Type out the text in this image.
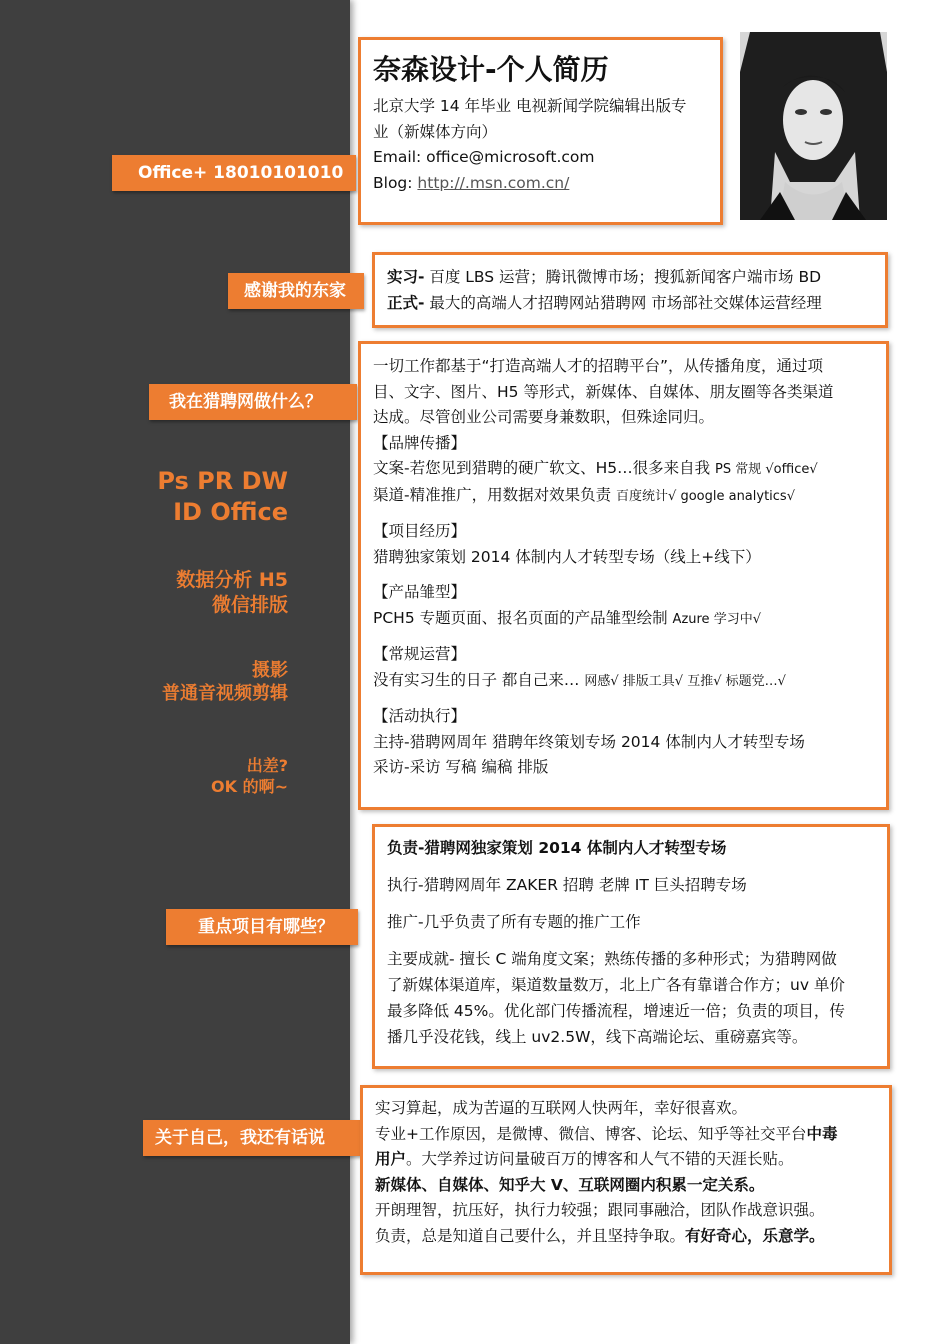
Office+ 18010101010
感谢我的东家
我在猎聘网做什么？
重点项目有哪些？
关于自己，我还有话说
Ps PR DW
ID Office
数据分析 H5
微信排版
摄影
普通音视频剪辑
出差?
OK 的啊~
奈森设计-个人简历

北京大学 14 年毕业 电视新闻学院编辑出版专

业（新媒体方向）

Email: office@microsoft.com

Blog: http://.msn.com.cn/

实习- 百度 LBS 运营；腾讯微博市场；搜狐新闻客户端市场 BD

正式- 最大的高端人才招聘网站猎聘网 市场部社交媒体运营经理

一切工作都基于“打造高端人才的招聘平台”，从传播角度，通过项

目、文字、图片、H5 等形式，新媒体、自媒体、朋友圈等各类渠道

达成。尽管创业公司需要身兼数职，但殊途同归。

【品牌传播】

文案-若您见到猎聘的硬广软文、H5…很多来自我 PS 常规 √office√

渠道-精准推广，用数据对效果负责 百度统计√ google analytics√

【项目经历】

猎聘独家策划 2014 体制内人才转型专场（线上+线下）

【产品雏型】

PCH5 专题页面、报名页面的产品雏型绘制 Azure 学习中√

【常规运营】

没有实习生的日子 都自己来… 网感√ 排版工具√ 互推√ 标题党…√

【活动执行】

主持-猎聘网周年 猎聘年终策划专场 2014 体制内人才转型专场

采访-采访 写稿 编稿 排版

负责-猎聘网独家策划 2014 体制内人才转型专场

执行-猎聘网周年 ZAKER 招聘 老牌 IT 巨头招聘专场

推广-几乎负责了所有专题的推广工作

主要成就- 擅长 C 端角度文案；熟练传播的多种形式；为猎聘网做

了新媒体渠道库，渠道数量数万，北上广各有靠谱合作方；uv 单价

最多降低 45%。优化部门传播流程，增速近一倍；负责的项目，传

播几乎没花钱，线上 uv2.5W，线下高端论坛、重磅嘉宾等。

实习算起，成为苦逼的互联网人快两年，幸好很喜欢。

专业+工作原因，是微博、微信、博客、论坛、知乎等社交平台中毒

用户。大学养过访问量破百万的博客和人气不错的天涯长贴。

新媒体、自媒体、知乎大 V、互联网圈内积累一定关系。

开朗理智，抗压好，执行力较强；跟同事融洽，团队作战意识强。

负责，总是知道自己要什么，并且坚持争取。有好奇心，乐意学。
